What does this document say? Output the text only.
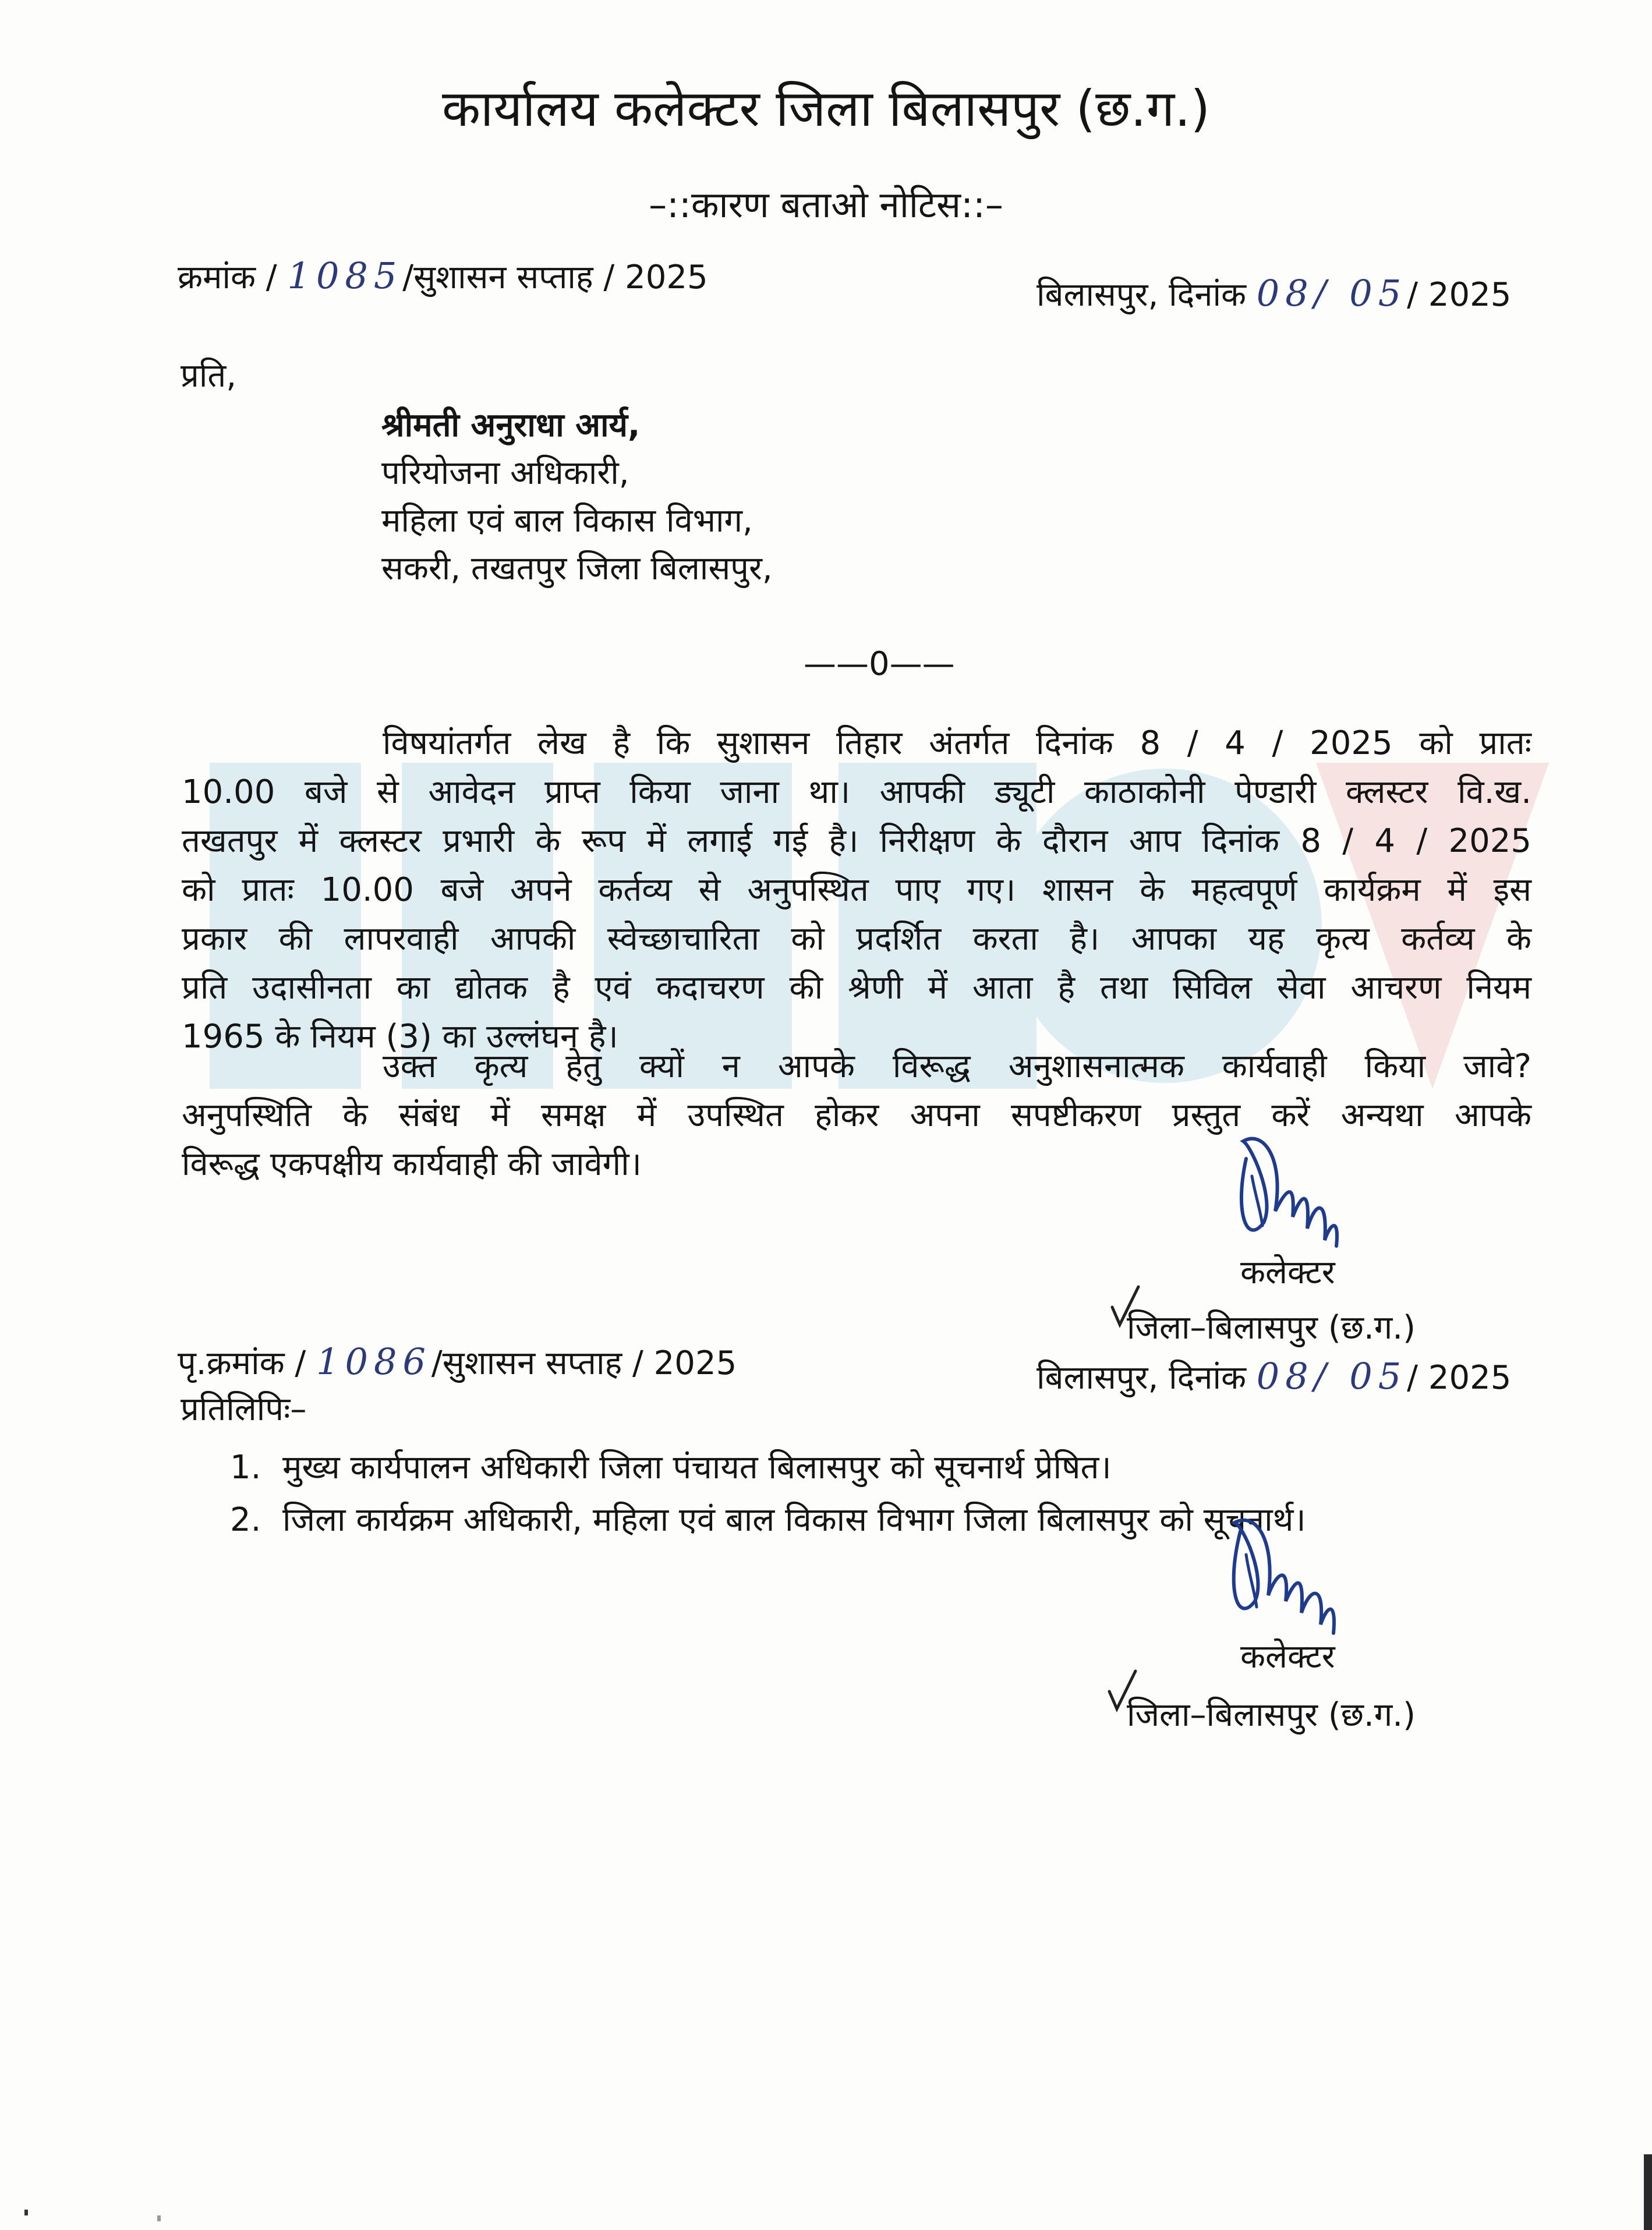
कार्यालय कलेक्टर जिला बिलासपुर (छ.ग.)
–::कारण बताओ नोटिस::–
क्रमांक / 1085/सुशासन सप्ताह / 2025	बिलासपुर, दिनांक 08/ 05/ 2025
प्रति,
श्रीमती अनुराधा आर्य,
परियोजना अधिकारी,
महिला एवं बाल विकास विभाग,
सकरी, तखतपुर जिला बिलासपुर,
——0——
विषयांतर्गत लेख है कि सुशासन तिहार अंतर्गत दिनांक 8 / 4 / 2025 को प्रातः
10.00 बजे से आवेदन प्राप्त किया जाना था। आपकी ड्यूटी काठाकोनी पेण्डारी क्लस्टर वि.ख.
तखतपुर में क्लस्टर प्रभारी के रूप में लगाई गई है। निरीक्षण के दौरान आप दिनांक 8 / 4 / 2025
को प्रातः 10.00 बजे अपने कर्तव्य से अनुपस्थित पाए गए। शासन के महत्वपूर्ण कार्यक्रम में इस
प्रकार की लापरवाही आपकी स्वेच्छाचारिता को प्रदर्शित करता है। आपका यह कृत्य कर्तव्य के
प्रति उदासीनता का द्योतक है एवं कदाचरण की श्रेणी में आता है तथा सिविल सेवा आचरण नियम
1965 के नियम (3) का उल्लंघन है।
उक्त कृत्य हेतु क्यों न आपके विरूद्ध अनुशासनात्मक कार्यवाही किया जावे?
अनुपस्थिति के संबंध में समक्ष में उपस्थित होकर अपना सपष्टीकरण प्रस्तुत करें अन्यथा आपके
विरूद्ध एकपक्षीय कार्यवाही की जावेगी।
कलेक्टर
जिला–बिलासपुर (छ.ग.)
पृ.क्रमांक / 1086/सुशासन सप्ताह / 2025	बिलासपुर, दिनांक 08/ 05/ 2025
प्रतिलिपिः–
1. मुख्य कार्यपालन अधिकारी जिला पंचायत बिलासपुर को सूचनार्थ प्रेषित।
2. जिला कार्यक्रम अधिकारी, महिला एवं बाल विकास विभाग जिला बिलासपुर को सूचनार्थ।
कलेक्टर
जिला–बिलासपुर (छ.ग.)
